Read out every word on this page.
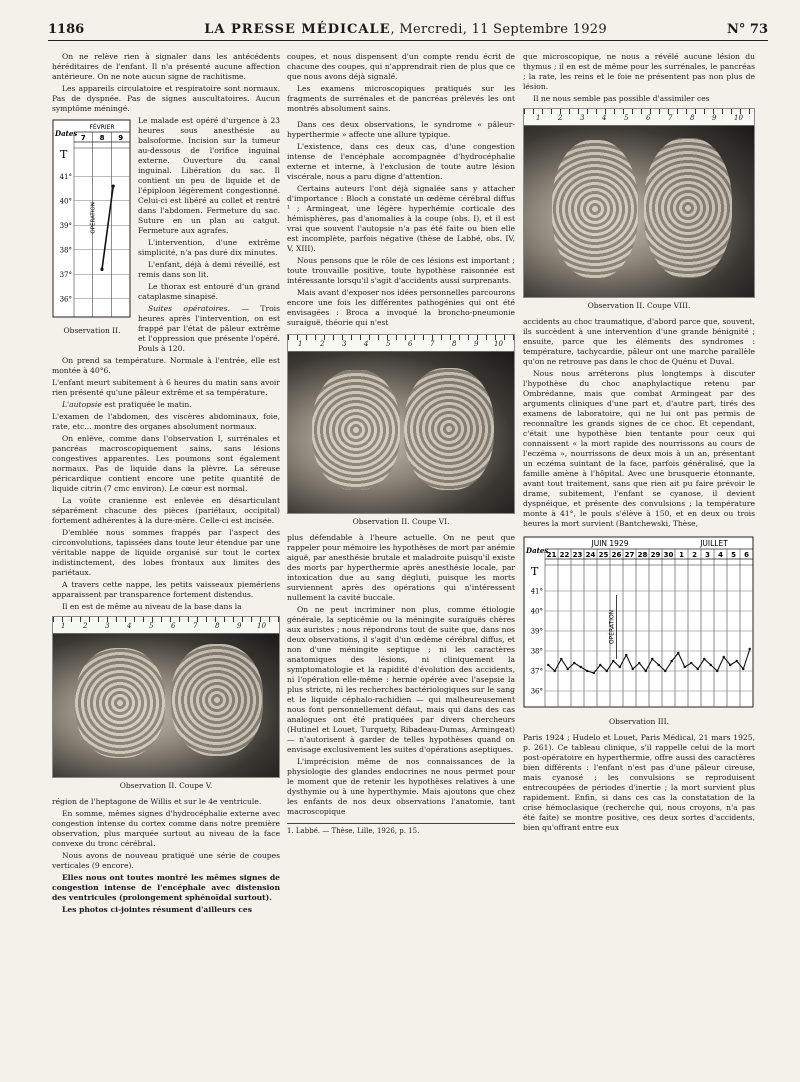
1186	LA PRESSE MÉDICALE, Mercredi, 11 Septembre 1929	N° 73

On ne relève rien à signaler dans les antécédents héréditaires de l'enfant. Il n'a présenté aucune affection antérieure. On ne note aucun signe de rachitisme.

Les appareils circulatoire et respiratoire sont normaux. Pas de dyspnée. Pas de signes auscultatoires. Aucun symptôme méningé.

Dates
FÉVRIER
7 8 9
T
41°
40°
39°
38°
37°
36°
OPÉRATION
Observation II.

Le malade est opéré d'urgence à 23 heures sous anesthésie au balsoforme. Incision sur la tumeur au-dessous de l'orifice inguinal externe. Ouverture du canal inguinal. Libération du sac. Il contient un peu de liquide et de l'épiploon légèrement congestionné. Celui-ci est libéré au collet et rentré dans l'abdomen. Fermeture du sac. Suture en un plan au catgut. Fermeture aux agrafes.

L'intervention, d'une extrême simplicité, n'a pas duré dix minutes.

L'enfant, déjà à demi réveillé, est remis dans son lit.

Le thorax est entouré d'un grand cataplasme sinapisé.

Suites opératoires. — Trois heures après l'intervention, on est frappé par l'état de pâleur extrême et l'oppression que présente l'opéré. Pouls à 120.

On prend sa température. Normale à l'entrée, elle est montée à 40°6.

L'enfant meurt subitement à 6 heures du matin sans avoir rien présenté qu'une pâleur extrême et sa température.

L'autopsie est pratiquée le matin.

L'examen de l'abdomen, des viscères abdominaux, foie, rate, etc... montre des organes absolument normaux.

On enlève, comme dans l'observation I, surrénales et pancréas macroscopiquement sains, sans lésions congestives apparentes. Les poumons sont également normaux. Pas de liquide dans la plèvre. La séreuse péricardique contient encore une petite quantité de liquide citrin (7 cmc environ). Le cœur est normal.

La voûte cranienne est enlevée en désarticulant séparément chacune des pièces (pariétaux, occipital) fortement adhérentes à la dure-mère. Celle-ci est incisée.

D'emblée nous sommes frappés par l'aspect des circonvolutions, tapissées dans toute leur étendue par une véritable nappe de liquide organisé sur tout le cortex indistinctement, des lobes frontaux aux limites des pariétaux.

A travers cette nappe, les petits vaisseaux piemériens apparaissent par transparence fortement distendus.

Il en est de même au niveau de la base dans la

1	2	3	4	5	6	7	8	9 10
Observation II. Coupe V.

région de l'heptagone de Willis et sur le 4e ventricule.

En somme, mêmes signes d'hydrocéphalie externe avec congestion intense du cortex comme dans notre première observation, plus marquée surtout au niveau de la face convexe du tronc cérébral.

Nous avons de nouveau pratiqué une série de coupes verticales (9 encore).

Elles nous ont toutes montré les mêmes signes de congestion intense de l'encéphale avec distension des ventricules (prolongement sphénoïdal surtout).

Les photos ci-jointes résument d'ailleurs ces

coupes, et nous dispensent d'un compte rendu écrit de chacune des coupes, qui n'apprendrait rien de plus que ce que nous avons déjà signalé.

Les examens microscopiques pratiqués sur les fragments de surrénales et de pancréas prélevés les ont montrés absolument sains.

Dans ces deux observations, le syndrome « pâleur-hyperthermie » affecte une allure typique.

L'existence, dans ces deux cas, d'une congestion intense de l'encéphale accompagnée d'hydrocéphalie externe et interne, à l'exclusion de toute autre lésion viscérale, nous a paru digne d'attention.

Certains auteurs l'ont déjà signalée sans y attacher d'importance : Bloch a constaté un œdème cérébral diffus ¹ ; Armingeat, une légère hyperhémie corticale des hémisphères, pas d'anomalies à la coupe (obs. I), et il est vrai que souvent l'autopsie n'a pas été faite ou bien elle est incomplète, parfois négative (thèse de Labbé, obs. IV, V, XIII).

Nous pensons que le rôle de ces lésions est important ; toute trouvaille positive, toute hypothèse raisonnée est intéressante lorsqu'il s'agit d'accidents aussi surprenants.

Mais avant d'exposer nos idées personnelles parcourons encore une fois les différentes pathogénies qui ont été envisagées : Broca a invoqué la broncho-pneumonie suraiguë, théorie qui n'est

1	2	3	4	5	6	7	8	9 10
Observation II. Coupe VI.

plus défendable à l'heure actuelle. On ne peut que rappeler pour mémoire les hypothèses de mort par anémie aiguë, par anesthésie brutale et maladroite puisqu'il existe des morts par hyperthermie après anesthésie locale, par intoxication due au sang dégluti, puisque les morts surviennent après des opérations qui n'intéressent nullement la cavité buccale.

On ne peut incriminer non plus, comme étiologie générale, la septicémie ou la méningite suraiguës chères aux auristes ; nous répondrons tout de suite que, dans nos deux observations, il s'agit d'un œdème cérébral diffus, et non d'une méningite septique ; ni les caractères anatomiques des lésions, ni cliniquement la symptomatologie et la rapidité d'évolution des accidents, ni l'opération elle-même : hernie opérée avec l'asepsie la plus stricte, ni les recherches bactériologiques sur le sang et le liquide céphalo-rachidien — qui malheureusement nous font personnellement défaut, mais qui dans des cas analogues ont été pratiquées par divers chercheurs (Hutinel et Louet, Turquety, Ribadeau-Dumas, Armingeat) — n'autorisent à garder de telles hypothèses quand on envisage exclusivement les suites d'opérations aseptiques.

L'imprécision même de nos connaissances de la physiologie des glandes endocrines ne nous permet pour le moment que de retenir les hypothèses relatives à une dysthymie ou à une hyperthymie. Mais ajoutons que chez les enfants de nos deux observations l'anatomie, tant macroscopique

1. Labbé. — Thèse, Lille, 1926, p. 15.

que microscopique, ne nous a révélé aucune lésion du thymus ; il en est de même pour les surrénales, le pancréas ; la rate, les reins et le foie ne présentent pas non plus de lésion.

Il ne nous semble pas possible d'assimiler ces

1	2	3	4	5	6	7	8	9	10
Observation II. Coupe VIII.

accidents au choc traumatique, d'abord parce que, souvent, ils succèdent à une intervention d'une grande bénignité ; ensuite, parce que les éléments des syndromes : température, tachycardie, pâleur ont une marche parallèle qu'on ne retrouve pas dans le choc de Quénu et Duval.

Nous nous arrêterons plus longtemps à discuter l'hypothèse du choc anaphylactique retenu par Ombrédanne, mais que combat Armingeat par des arguments cliniques d'une part et, d'autre part, tirés des examens de laboratoire, qui ne lui ont pas permis de reconnaître les grands signes de ce choc. Et cependant, c'était une hypothèse bien tentante pour ceux qui connaissent « la mort rapide des nourrissons au cours de l'eczéma », nourrissons de deux mois à un an, présentant un eczéma suintant de la face, parfois généralisé, que la famille amène à l'hôpital. Avec une brusquerie étonnante, avant tout traitement, sans que rien ait pu faire prévoir le drame, subitement, l'enfant se cyanose, il devient dyspnéique, et présente des convulsions ; la température monte à 41°, le pouls s'élève à 150, et en deux ou trois heures la mort survient (Bantchewski, Thèse,

Dates
JUIN 1929	JUILLET
21 22 23 24 25 26 27 28 29 30 1 2 3 4 5 6
T
41°
40°
39°
38°
37°
36°
OPÉRATION
Observation III.

Paris 1924 ; Hudelo et Louet, Paris Médical, 21 mars 1925, p. 261). Ce tableau clinique, s'il rappelle celui de la mort post-opératoire en hyperthermie, offre aussi des caractères bien différents : l'enfant n'est pas d'une pâleur cireuse, mais cyanosé ; les convulsions se reproduisent entrecoupées de périodes d'inertie ; la mort survient plus rapidement. Enfin, si dans ces cas la constatation de la crise hémoclasique (recherche qui, nous croyons, n'a pas été faite) se montre positive, ces deux sortes d'accidents, bien qu'offrant entre eux
